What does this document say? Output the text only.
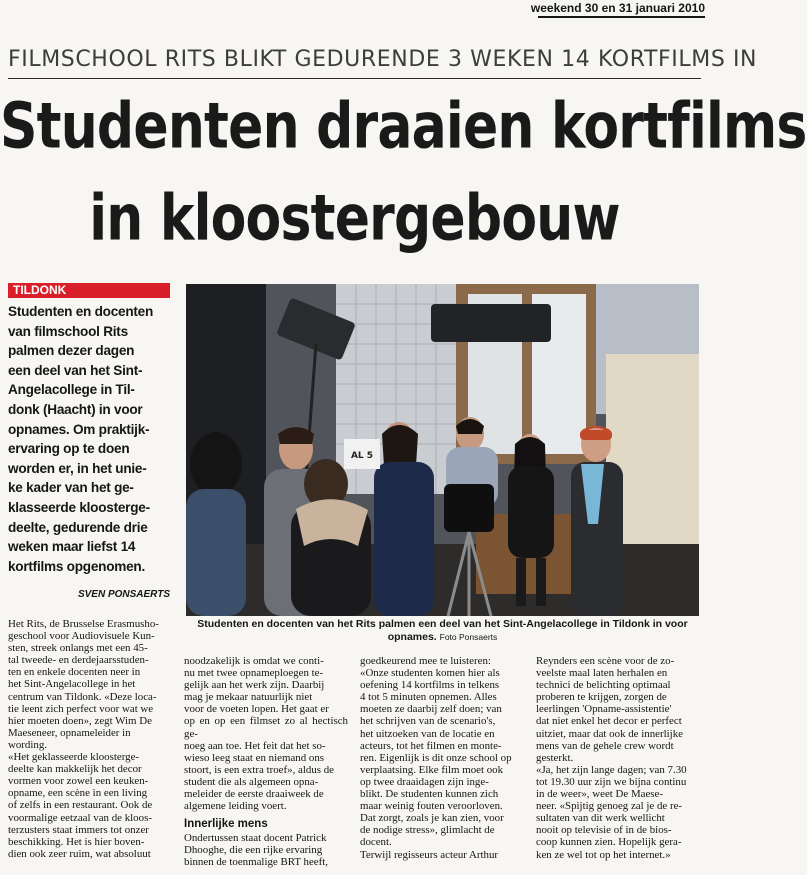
weekend 30 en 31 januari 2010
FILMSCHOOL RITS BLIKT GEDURENDE 3 WEKEN 14 KORTFILMS IN
Studenten draaien kortfilms
in kloostergebouw
TILDONK
Studenten en docenten
van filmschool Rits
palmen dezer dagen
een deel van het Sint-
Angelacollege in Til-
donk (Haacht) in voor
opnames. Om praktijk-
ervaring op te doen
worden er, in het unie-
ke kader van het ge-
klasseerde kloosterge-
deelte, gedurende drie
weken maar liefst 14
kortfilms opgenomen.
SVEN PONSAERTS
AL 5
Studenten en docenten van het Rits palmen een deel van het Sint-Angelacollege in Tildonk in voor opnames. Foto Ponsaerts

Het Rits, de Brusselse Erasmusho-
geschool voor Audiovisuele Kun-
sten, streek onlangs met een 45-
tal tweede- en derdejaarsstuden-
ten en enkele docenten neer in
het Sint-Angelacollege in het
centrum van Tildonk. «Deze loca-
tie leent zich perfect voor wat we
hier moeten doen», zegt Wim De
Maeseneer, opnameleider in
wording.

«Het geklasseerde kloosterge-
deelte kan makkelijk het decor
vormen voor zowel een keuken-
opname, een scène in een living
of zelfs in een restaurant. Ook de
voormalige eetzaal van de kloos-
terzusters staat immers tot onzer
beschikking. Het is hier boven-
dien ook zeer ruim, wat absoluut

noodzakelijk is omdat we conti-
nu met twee opnameploegen te-
gelijk aan het werk zijn. Daarbij
mag je mekaar natuurlijk niet
voor de voeten lopen. Het gaat er
op en op een filmset zo al hectisch ge-
noeg aan toe. Het feit dat het so-
wieso leeg staat en niemand ons
stoort, is een extra troef», aldus de
student die als algemeen opna-
meleider de eerste draaiweek de
algemene leiding voert.

Innerlijke mens

Ondertussen staat docent Patrick
Dhooghe, die een rijke ervaring
binnen de toenmalige BRT heeft,

goedkeurend mee te luisteren:
«Onze studenten komen hier als
oefening 14 kortfilms in telkens
4 tot 5 minuten opnemen. Alles
moeten ze daarbij zelf doen; van
het schrijven van de scenario's,
het uitzoeken van de locatie en
acteurs, tot het filmen en monte-
ren. Eigenlijk is dit onze school op
verplaatsing. Elke film moet ook
op twee draaidagen zijn inge-
blikt. De studenten kunnen zich
maar weinig fouten veroorloven.
Dat zorgt, zoals je kan zien, voor
de nodige stress», glimlacht de
docent.

Terwijl regisseurs acteur Arthur

Reynders een scène voor de zo-
veelste maal laten herhalen en
technici de belichting optimaal
proberen te krijgen, zorgen de
leerlingen 'Opname-assistentie'
dat niet enkel het decor er perfect
uitziet, maar dat ook de innerlijke
mens van de gehele crew wordt
gesterkt.

«Ja, het zijn lange dagen; van 7.30
tot 19.30 uur zijn we bijna continu
in de weer», weet De Maese-
neer. «Spijtig genoeg zal je de re-
sultaten van dit werk wellicht
nooit op televisie of in de bios-
coop kunnen zien. Hopelijk gera-
ken ze wel tot op het internet.»
